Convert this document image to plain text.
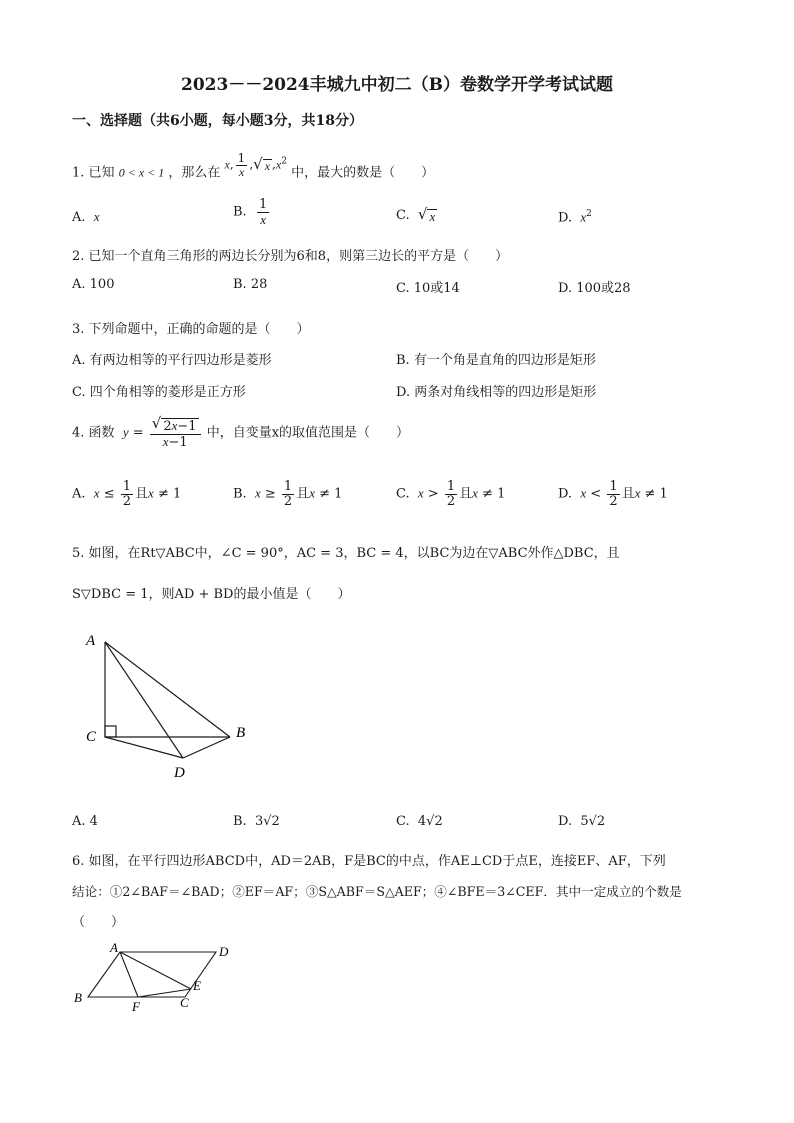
2023－－2024丰城九中初二（B）卷数学开学考试试题
一、选择题（共6小题，每小题3分，共18分）
1. 已知 0 < x < 1 ，那么在 x, $\frac{1}{x}$ , √ x $,x^2$ 中，最大的数是（　　）
A. x	B. $\frac{1}{x}$	C. √ x	D. $x^2$
2. 已知一个直角三角形的两边长分别为6和8，则第三边长的平方是（　　）
A. 100	B. 28	C. 10或14	D. 100或28
3. 下列命题中，正确的命题的是（　　）
A. 有两边相等的平行四边形是菱形	B. 有一个角是直角的四边形是矩形
C. 四个角相等的菱形是正方形	D. 两条对角线相等的四边形是矩形
4. 函数 $y = \frac{√ 2x-1}{x-1}$ 中，自变量x的取值范围是（　　）
A. $x \le \frac{1}{2}$ 且x ≠ 1	B. $x \ge \frac{1}{2}$ 且x ≠ 1	C. $x > \frac{1}{2}$ 且x ≠ 1	D. $x < \frac{1}{2}$ 且x ≠ 1
5. 如图，在Rt▽ABC中，∠C = 90°，AC = 3，BC = 4，以BC为边在▽ABC外作△DBC，且
S▽DBC = 1，则AD + BD的最小值是（　　）
A
C	B
D
A. 4	B. 3√2	C. 4√2	D. 5√2
6. 如图，在平行四边形ABCD中，AD＝2AB，F是BC的中点，作AE⊥CD于点E，连接EF、AF，下列
结论：①2∠BAF＝∠BAD；②EF＝AF；③S△ABF＝S△AEF；④∠BFE＝3∠CEF．其中一定成立的个数是
（　　）
A	D
B
F	C
E
